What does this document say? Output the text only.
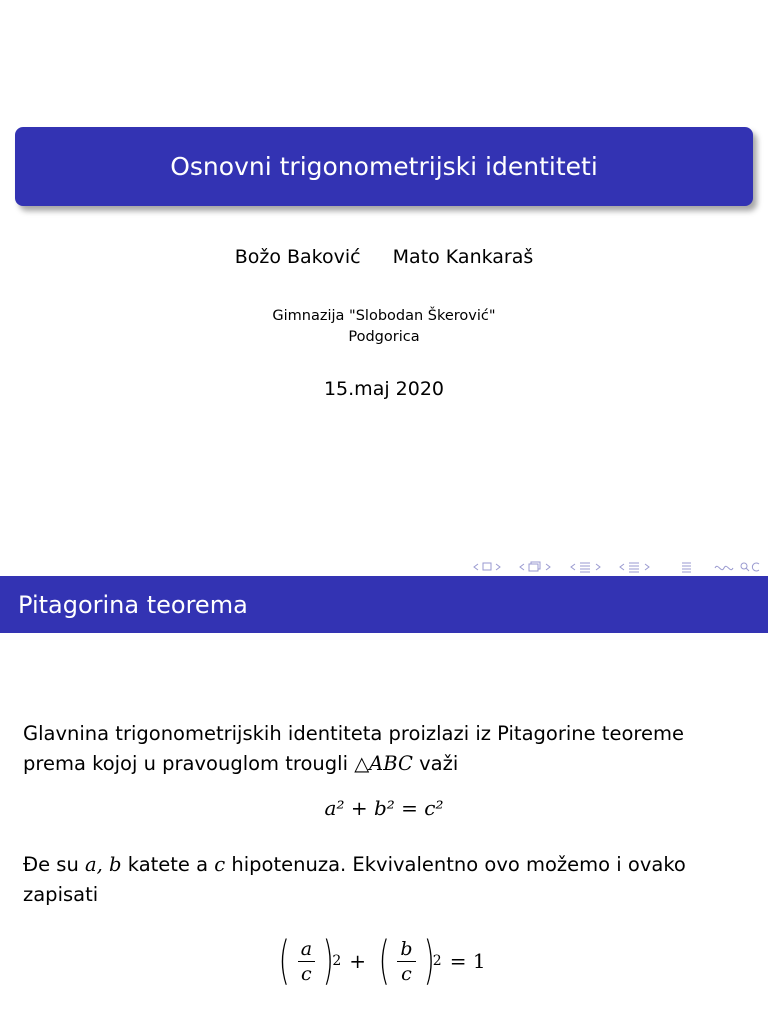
Osnovni trigonometrijski identiteti
Božo Baković Mato Kankaraš
Gimnazija "Slobodan Škerović"
Podgorica
15.maj 2020
Pitagorina teorema
Glavnina trigonometrijskih identiteta proizlazi iz Pitagorine teoreme prema kojoj u pravouglom trougli △ABC važi
a² + b² = c²
Đe su a, b katete a c hipotenuza. Ekvivalentno ovo možemo i ovako zapisati
( $\frac{a}{c}$ )
2 + ( $\frac{b}{c}$ )
2 = 1
